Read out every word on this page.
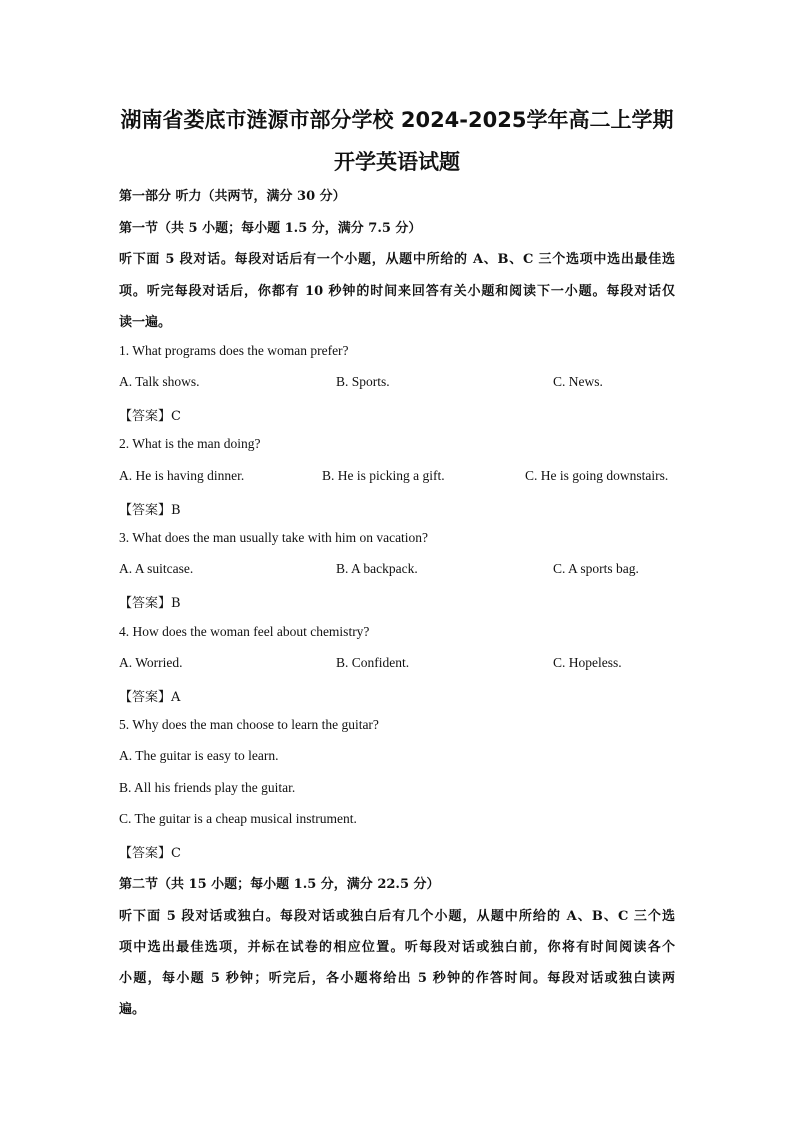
湖南省娄底市涟源市部分学校 2024-2025学年高二上学期
开学英语试题
第一部分 听力（共两节，满分 30 分）
第一节（共 5 小题；每小题 1.5 分，满分 7.5 分）
听下面 5 段对话。每段对话后有一个小题，从题中所给的 A、B、C 三个选项中选出最佳选
项。听完每段对话后，你都有 10 秒钟的时间来回答有关小题和阅读下一小题。每段对话仅
读一遍。
1. What programs does the woman prefer?
A. Talk shows.	B. Sports.	C. News.
【答案】C
2. What is the man doing?
A. He is having dinner.	B. He is picking a gift.	C. He is going downstairs.
【答案】B
3. What does the man usually take with him on vacation?
A. A suitcase.	B. A backpack.	C. A sports bag.
【答案】B
4. How does the woman feel about chemistry?
A. Worried.	B. Confident.	C. Hopeless.
【答案】A
5. Why does the man choose to learn the guitar?
A. The guitar is easy to learn.
B. All his friends play the guitar.
C. The guitar is a cheap musical instrument.
【答案】C
第二节（共 15 小题；每小题 1.5 分，满分 22.5 分）
听下面 5 段对话或独白。每段对话或独白后有几个小题，从题中所给的 A、B、C 三个选
项中选出最佳选项，并标在试卷的相应位置。听每段对话或独白前，你将有时间阅读各个
小题，每小题 5 秒钟；听完后，各小题将给出 5 秒钟的作答时间。每段对话或独白读两
遍。
